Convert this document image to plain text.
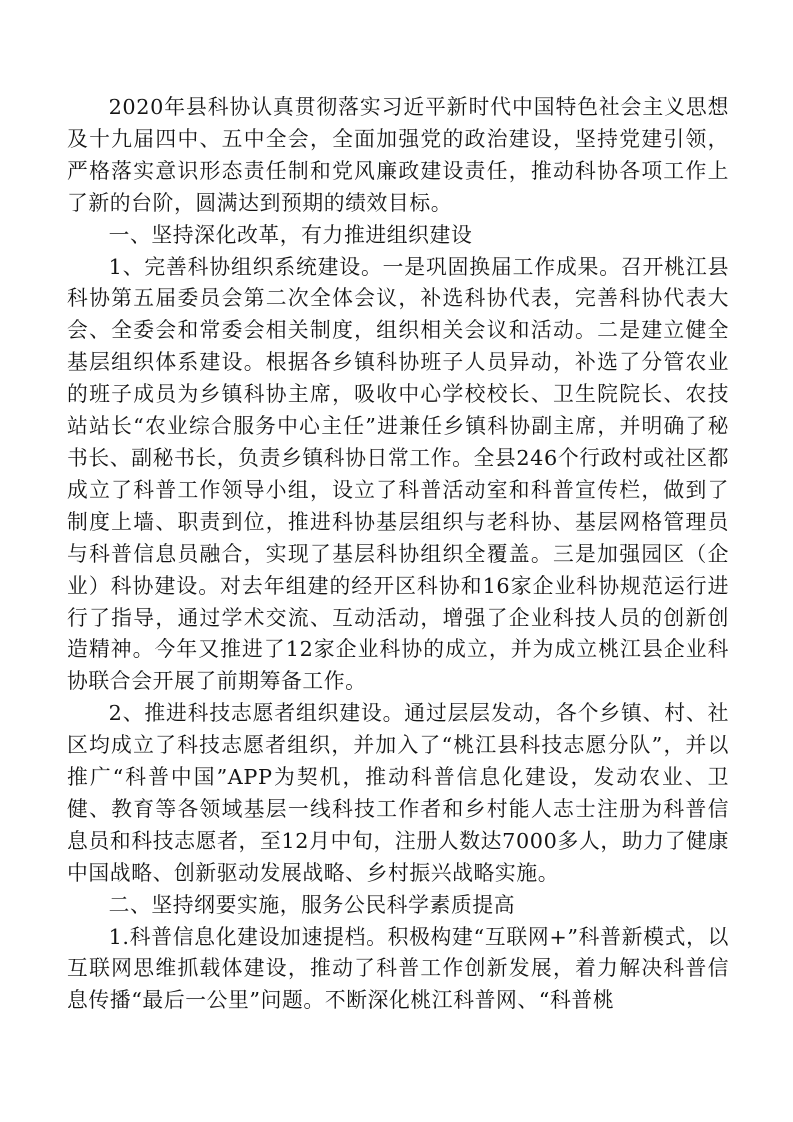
2020年县科协认真贯彻落实习近平新时代中国特色社会主义思想及十九届四中、五中全会，全面加强党的政治建设，坚持党建引领，严格落实意识形态责任制和党风廉政建设责任，推动科协各项工作上了新的台阶，圆满达到预期的绩效目标。

一、坚持深化改革，有力推进组织建设

1、完善科协组织系统建设。一是巩固换届工作成果。召开桃江县科协第五届委员会第二次全体会议，补选科协代表，完善科协代表大会、全委会和常委会相关制度，组织相关会议和活动。二是建立健全基层组织体系建设。根据各乡镇科协班子人员异动，补选了分管农业的班子成员为乡镇科协主席，吸收中心学校校长、卫生院院长、农技站站长“农业综合服务中心主任”进兼任乡镇科协副主席，并明确了秘书长、副秘书长，负责乡镇科协日常工作。全县246个行政村或社区都成立了科普工作领导小组，设立了科普活动室和科普宣传栏，做到了制度上墙、职责到位，推进科协基层组织与老科协、基层网格管理员与科普信息员融合，实现了基层科协组织全覆盖。三是加强园区（企业）科协建设。对去年组建的经开区科协和16家企业科协规范运行进行了指导，通过学术交流、互动活动，增强了企业科技人员的创新创造精神。今年又推进了12家企业科协的成立，并为成立桃江县企业科协联合会开展了前期筹备工作。

2、推进科技志愿者组织建设。通过层层发动，各个乡镇、村、社区均成立了科技志愿者组织，并加入了“桃江县科技志愿分队”，并以推广“科普中国”APP为契机，推动科普信息化建设，发动农业、卫健、教育等各领域基层一线科技工作者和乡村能人志士注册为科普信息员和科技志愿者，至12月中旬，注册人数达7000多人，助力了健康中国战略、创新驱动发展战略、乡村振兴战略实施。

二、坚持纲要实施，服务公民科学素质提高

1.科普信息化建设加速提档。积极构建“互联网+”科普新模式，以互联网思维抓载体建设，推动了科普工作创新发展，着力解决科普信息传播“最后一公里”问题。不断深化桃江科普网、“科普桃
